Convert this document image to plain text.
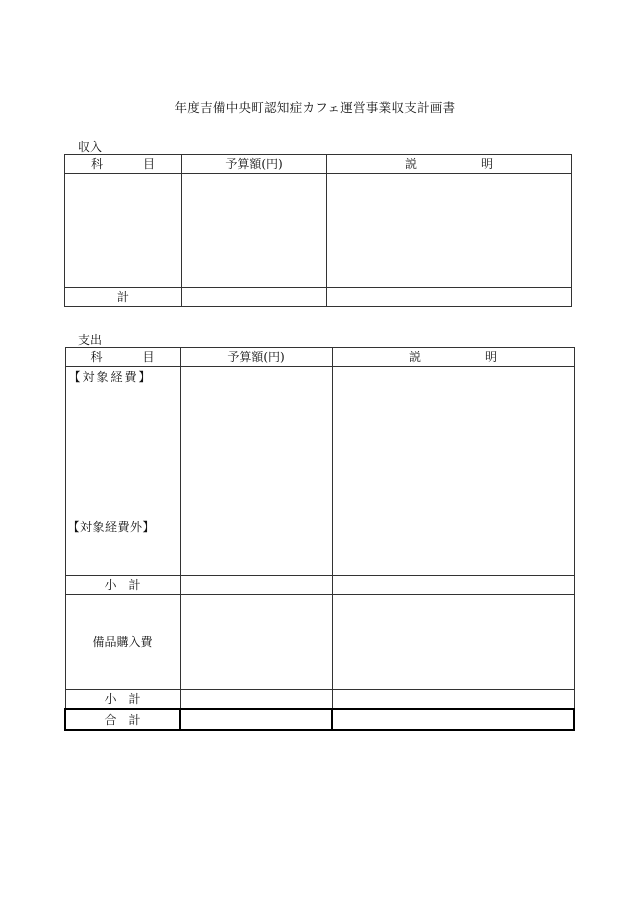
年度吉備中央町認知症カフェ運営事業収支計画書
収入
科　目	予算額(円)	説　明

計		
支出
科　目	予算額(円)	説　明

【対象経費】
【対象経費外】		

小　計		
備品購入費		
小　計		
合　計		
